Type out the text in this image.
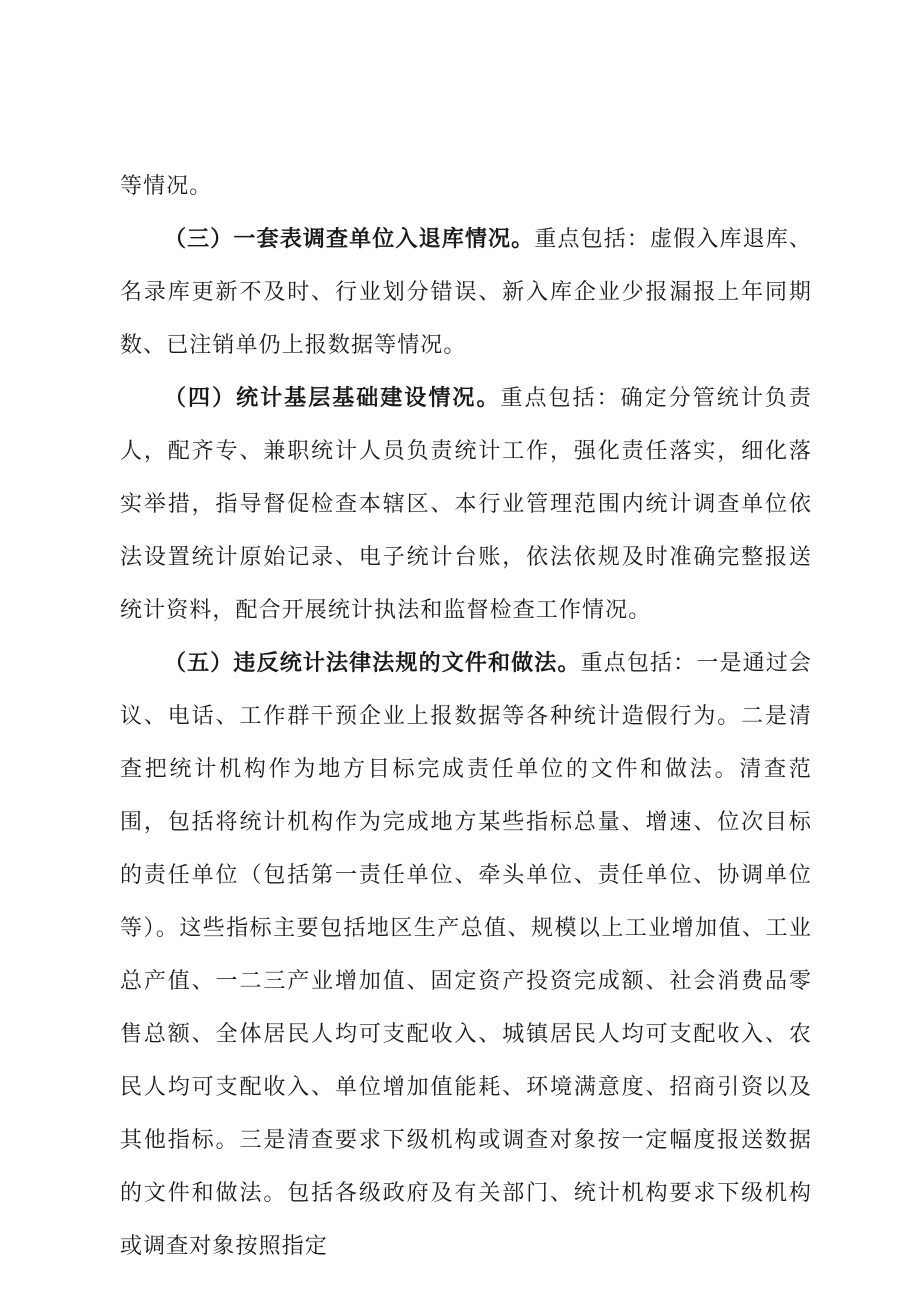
等情况。

（三）一套表调查单位入退库情况。重点包括：虚假入库退库、名录库更新不及时、行业划分错误、新入库企业少报漏报上年同期数、已注销单仍上报数据等情况。

（四）统计基层基础建设情况。重点包括：确定分管统计负责人，配齐专、兼职统计人员负责统计工作，强化责任落实，细化落实举措，指导督促检查本辖区、本行业管理范围内统计调查单位依法设置统计原始记录、电子统计台账，依法依规及时准确完整报送统计资料，配合开展统计执法和监督检查工作情况。

（五）违反统计法律法规的文件和做法。重点包括：一是通过会议、电话、工作群干预企业上报数据等各种统计造假行为。二是清查把统计机构作为地方目标完成责任单位的文件和做法。清查范围，包括将统计机构作为完成地方某些指标总量、增速、位次目标的责任单位（包括第一责任单位、牵头单位、责任单位、协调单位等）。这些指标主要包括地区生产总值、规模以上工业增加值、工业总产值、一二三产业增加值、固定资产投资完成额、社会消费品零售总额、全体居民人均可支配收入、城镇居民人均可支配收入、农民人均可支配收入、单位增加值能耗、环境满意度、招商引资以及其他指标。三是清查要求下级机构或调查对象按一定幅度报送数据的文件和做法。包括各级政府及有关部门、统计机构要求下级机构或调查对象按照指定
